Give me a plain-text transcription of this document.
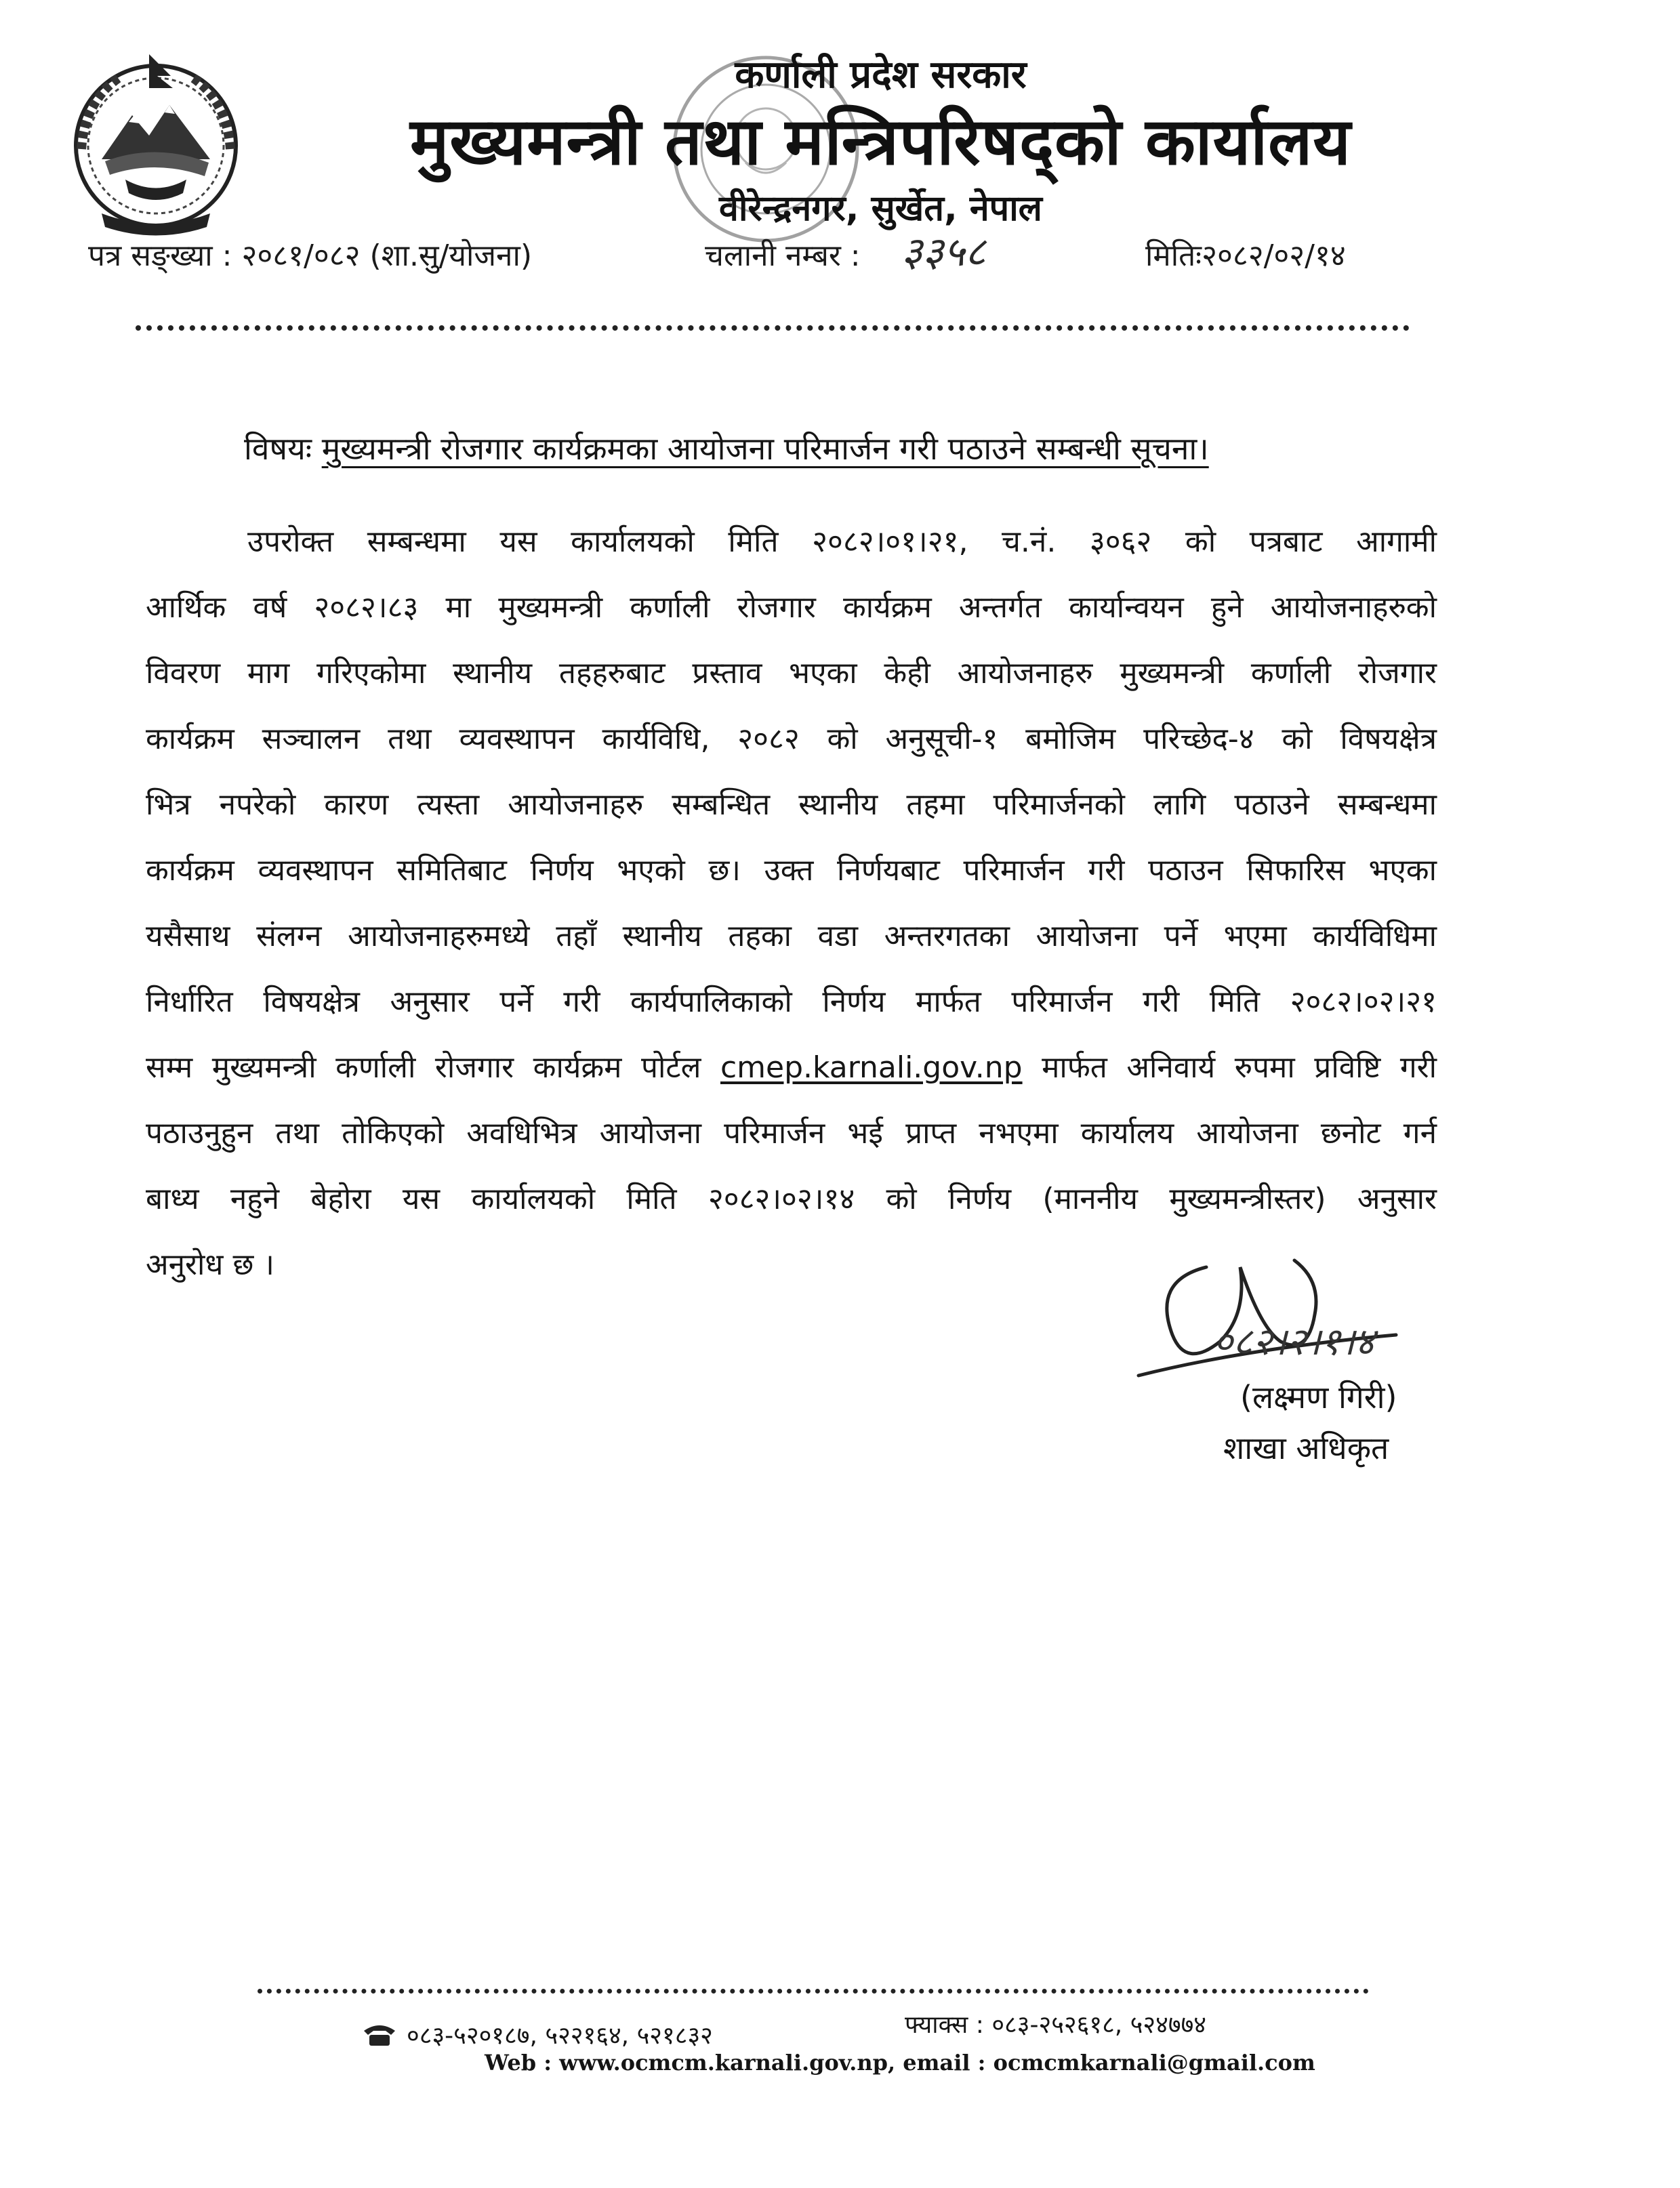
कर्णाली प्रदेश सरकार
मुख्यमन्त्री तथा मन्त्रिपरिषद्को कार्यालय
वीरेन्द्रनगर, सुर्खेत, नेपाल
पत्र सङ्ख्या : २०८१/०८२ (शा.सु/योजना)	चलानी नम्बर : ३३५८	मितिः२०८२/०२/१४
विषयः मुख्यमन्त्री रोजगार कार्यक्रमका आयोजना परिमार्जन गरी पठाउने सम्बन्धी सूचना।
उपरोक्त सम्बन्धमा यस कार्यालयको मिति २०८२।०१।२१, च.नं. ३०६२ को पत्रबाट आगामी
आर्थिक वर्ष २०८२।८३ मा मुख्यमन्त्री कर्णाली रोजगार कार्यक्रम अन्तर्गत कार्यान्वयन हुने आयोजनाहरुको
विवरण माग गरिएकोमा स्थानीय तहहरुबाट प्रस्ताव भएका केही आयोजनाहरु मुख्यमन्त्री कर्णाली रोजगार
कार्यक्रम सञ्चालन तथा व्यवस्थापन कार्यविधि, २०८२ को अनुसूची-१ बमोजिम परिच्छेद-४ को विषयक्षेत्र
भित्र नपरेको कारण त्यस्ता आयोजनाहरु सम्बन्धित स्थानीय तहमा परिमार्जनको लागि पठाउने सम्बन्धमा
कार्यक्रम व्यवस्थापन समितिबाट निर्णय भएको छ। उक्त निर्णयबाट परिमार्जन गरी पठाउन सिफारिस भएका
यसैसाथ संलग्न आयोजनाहरुमध्ये तहाँ स्थानीय तहका वडा अन्तरगतका आयोजना पर्ने भएमा कार्यविधिमा
निर्धारित विषयक्षेत्र अनुसार पर्ने गरी कार्यपालिकाको निर्णय मार्फत परिमार्जन गरी मिति २०८२।०२।२१
सम्म मुख्यमन्त्री कर्णाली रोजगार कार्यक्रम पोर्टल cmep.karnali.gov.np मार्फत अनिवार्य रुपमा प्रविष्टि गरी
पठाउनुहुन तथा तोकिएको अवधिभित्र आयोजना परिमार्जन भई प्राप्त नभएमा कार्यालय आयोजना छनोट गर्न
बाध्य नहुने बेहोरा यस कार्यालयको मिति २०८२।०२।१४ को निर्णय (माननीय मुख्यमन्त्रीस्तर) अनुसार
अनुरोध छ ।
०८२।२।१।४
(लक्ष्मण गिरी)
शाखा अधिकृत
०८३-५२०१८७, ५२२१६४, ५२१८३२	फ्याक्स : ०८३-२५२६१८, ५२४७७४
Web : www.ocmcm.karnali.gov.np, email : ocmcmkarnali@gmail.com
